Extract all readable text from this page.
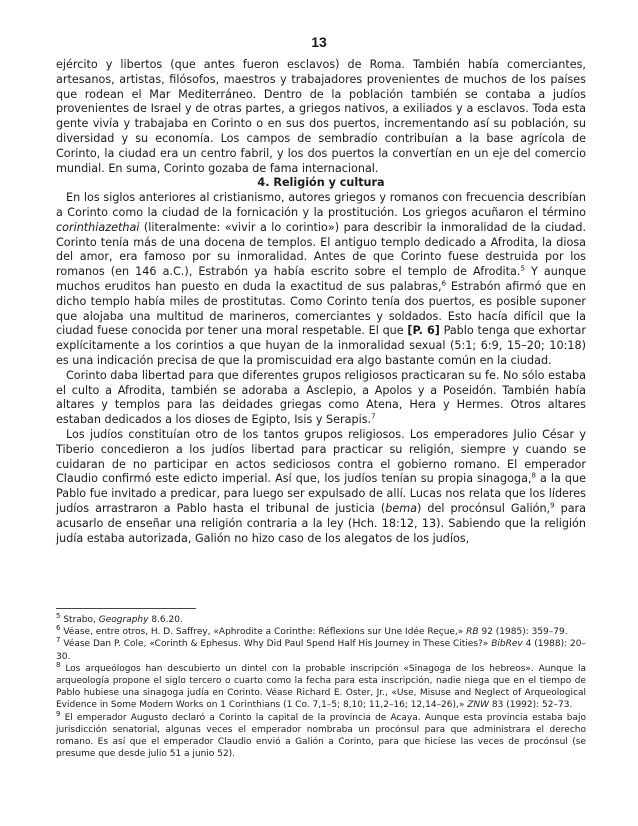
13

ejército y libertos (que antes fueron esclavos) de Roma. También había comerciantes, artesanos, artistas, filósofos, maestros y trabajadores provenientes de muchos de los países que rodean el Mar Mediterráneo. Dentro de la población también se contaba a judíos provenientes de Israel y de otras partes, a griegos nativos, a exiliados y a esclavos. Toda esta gente vivía y trabajaba en Corinto o en sus dos puertos, incrementando así su población, su diversidad y su economía. Los campos de sembradío contribuían a la base agrícola de Corinto, la ciudad era un centro fabril, y los dos puertos la convertían en un eje del comercio mundial. En suma, Corinto gozaba de fama internacional.

4. Religión y cultura

En los siglos anteriores al cristianismo, autores griegos y romanos con frecuencia describían a Corinto como la ciudad de la fornicación y la prostitución. Los griegos acuñaron el término corinthiazethai (literalmente: «vivir a lo corintio») para describir la inmoralidad de la ciudad. Corinto tenía más de una docena de templos. El antiguo templo dedicado a Afrodita, la diosa del amor, era famoso por su inmoralidad. Antes de que Corinto fuese destruida por los romanos (en 146 a.C.), Estrabón ya había escrito sobre el templo de Afrodita.$^5$ Y aunque muchos eruditos han puesto en duda la exactitud de sus palabras,$^6$ Estrabón afirmó que en dicho templo había miles de prostitutas. Como Corinto tenía dos puertos, es posible suponer que alojaba una multitud de marineros, comerciantes y soldados. Esto hacía difícil que la ciudad fuese conocida por tener una moral respetable. El que [P. 6] Pablo tenga que exhortar explícitamente a los corintios a que huyan de la inmoralidad sexual (5:1; 6:9, 15–20; 10:18) es una indicación precisa de que la promiscuidad era algo bastante común en la ciudad.

Corinto daba libertad para que diferentes grupos religiosos practicaran su fe. No sólo estaba el culto a Afrodita, también se adoraba a Asclepio, a Apolos y a Poseidón. También había altares y templos para las deidades griegas como Atena, Hera y Hermes. Otros altares estaban dedicados a los dioses de Egipto, Isis y Serapis.$^7$

Los judíos constituían otro de los tantos grupos religiosos. Los emperadores Julio César y Tiberio concedieron a los judíos libertad para practicar su religión, siempre y cuando se cuidaran de no participar en actos sediciosos contra el gobierno romano. El emperador Claudio confirmó este edicto imperial. Así que, los judíos tenían su propia sinagoga,$^8$ a la que Pablo fue invitado a predicar, para luego ser expulsado de allí. Lucas nos relata que los líderes judíos arrastraron a Pablo hasta el tribunal de justicia (bema) del procónsul Galión,$^9$ para acusarlo de enseñar una religión contraria a la ley (Hch. 18:12, 13). Sabiendo que la religión judía estaba autorizada, Galión no hizo caso de los alegatos de los judíos,

$^5$ Strabo, Geography 8.6.20.

$^6$ Véase, entre otros, H. D. Saffrey, «Aphrodite a Corinthe: Réflexions sur Une Idée Reçue,» RB 92 (1985): 359–79.

$^7$ Véase Dan P. Cole, «Corinth & Ephesus. Why Did Paul Spend Half His Journey in These Cities?» BibRev 4 (1988): 20–30.

$^8$ Los arqueólogos han descubierto un dintel con la probable inscripción «Sinagoga de los hebreos». Aunque la arqueología propone el siglo tercero o cuarto como la fecha para esta inscripción, nadie niega que en el tiempo de Pablo hubiese una sinagoga judía en Corinto. Véase Richard E. Oster, Jr., «Use, Misuse and Neglect of Arqueological Evidence in Some Modern Works on 1 Corinthians (1 Co. 7,1–5; 8,10; 11,2–16; 12,14–26),» ZNW 83 (1992): 52–73.

$^9$ El emperador Augusto declaró a Corinto la capital de la provincia de Acaya. Aunque esta provincia estaba bajo jurisdicción senatorial, algunas veces el emperador nombraba un procónsul para que administrara el derecho romano. Es así que el emperador Claudio envió a Galión a Corinto, para que hiciese las veces de procónsul (se presume que desde julio 51 a junio 52).
